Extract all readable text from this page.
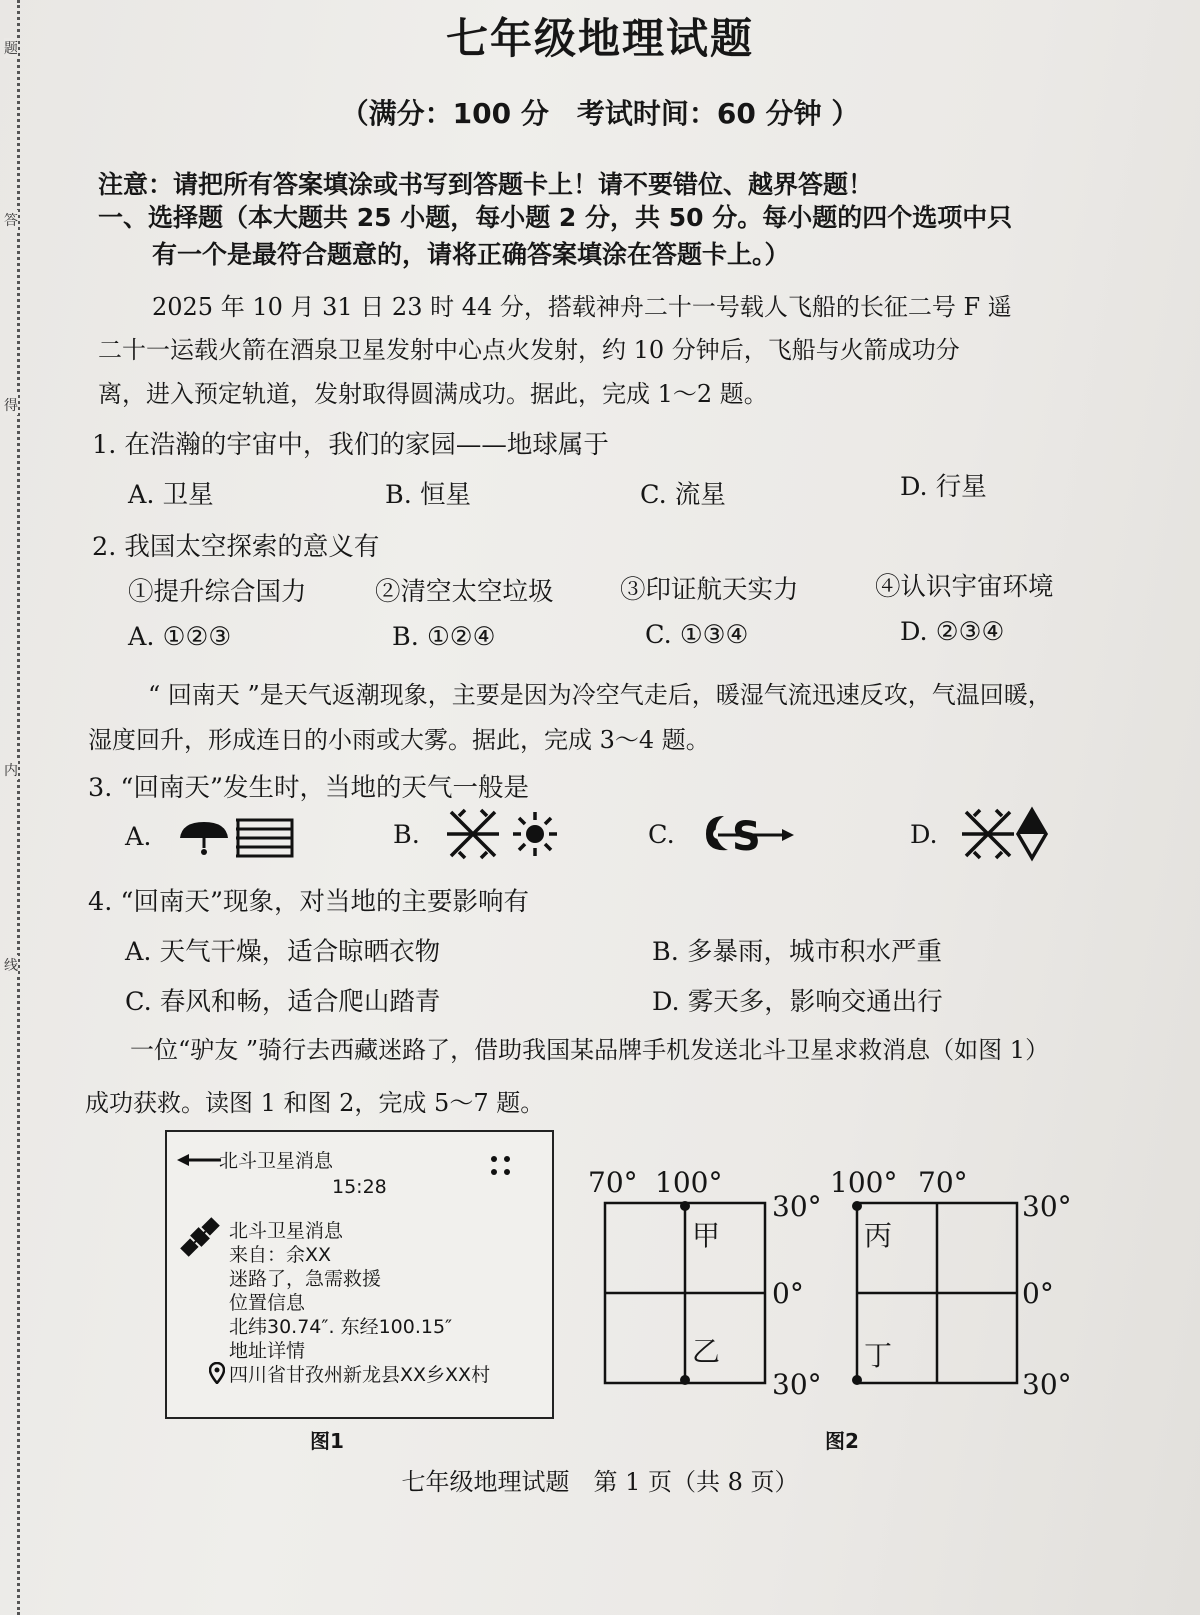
题
答
得
内
线
七年级地理试题
（满分：100 分　考试时间：60 分钟 ）
注意：请把所有答案填涂或书写到答题卡上！请不要错位、越界答题！
一、选择题（本大题共 25 小题，每小题 2 分，共 50 分。每小题的四个选项中只
有一个是最符合题意的，请将正确答案填涂在答题卡上。）
2025 年 10 月 31 日 23 时 44 分，搭载神舟二十一号载人飞船的长征二号 F 遥
二十一运载火箭在酒泉卫星发射中心点火发射，约 10 分钟后，飞船与火箭成功分
离，进入预定轨道，发射取得圆满成功。据此，完成 1～2 题。
1. 在浩瀚的宇宙中，我们的家园——地球属于
A. 卫星	B. 恒星	C. 流星	D. 行星
2. 我国太空探索的意义有
①提升综合国力	②清空太空垃圾	③印证航天实力	④认识宇宙环境
A. ①②③	B. ①②④	C. ①③④	D. ②③④
“ 回南天 ”是天气返潮现象，主要是因为冷空气走后，暖湿气流迅速反攻，气温回暖，
湿度回升，形成连日的小雨或大雾。据此，完成 3～4 题。
3. “回南天”发生时，当地的天气一般是
A.	B.	C.	D.
S
4. “回南天”现象，对当地的主要影响有
A. 天气干燥，适合晾晒衣物	B. 多暴雨，城市积水严重
C. 春风和畅，适合爬山踏青	D. 雾天多，影响交通出行
一位“驴友 ”骑行去西藏迷路了，借助我国某品牌手机发送北斗卫星求救消息（如图 1）
成功获救。读图 1 和图 2，完成 5～7 题。
北斗卫星消息
15:28
北斗卫星消息
来自：余XX
迷路了，急需救援
位置信息
北纬30.74″. 东经100.15″
地址详情
四川省甘孜州新龙县XX乡XX村
图1
70° 100°
30°
0°
30°
甲
乙
100° 70°
30°
0°
30°
丙
丁
图2
七年级地理试题　第 1 页（共 8 页）
